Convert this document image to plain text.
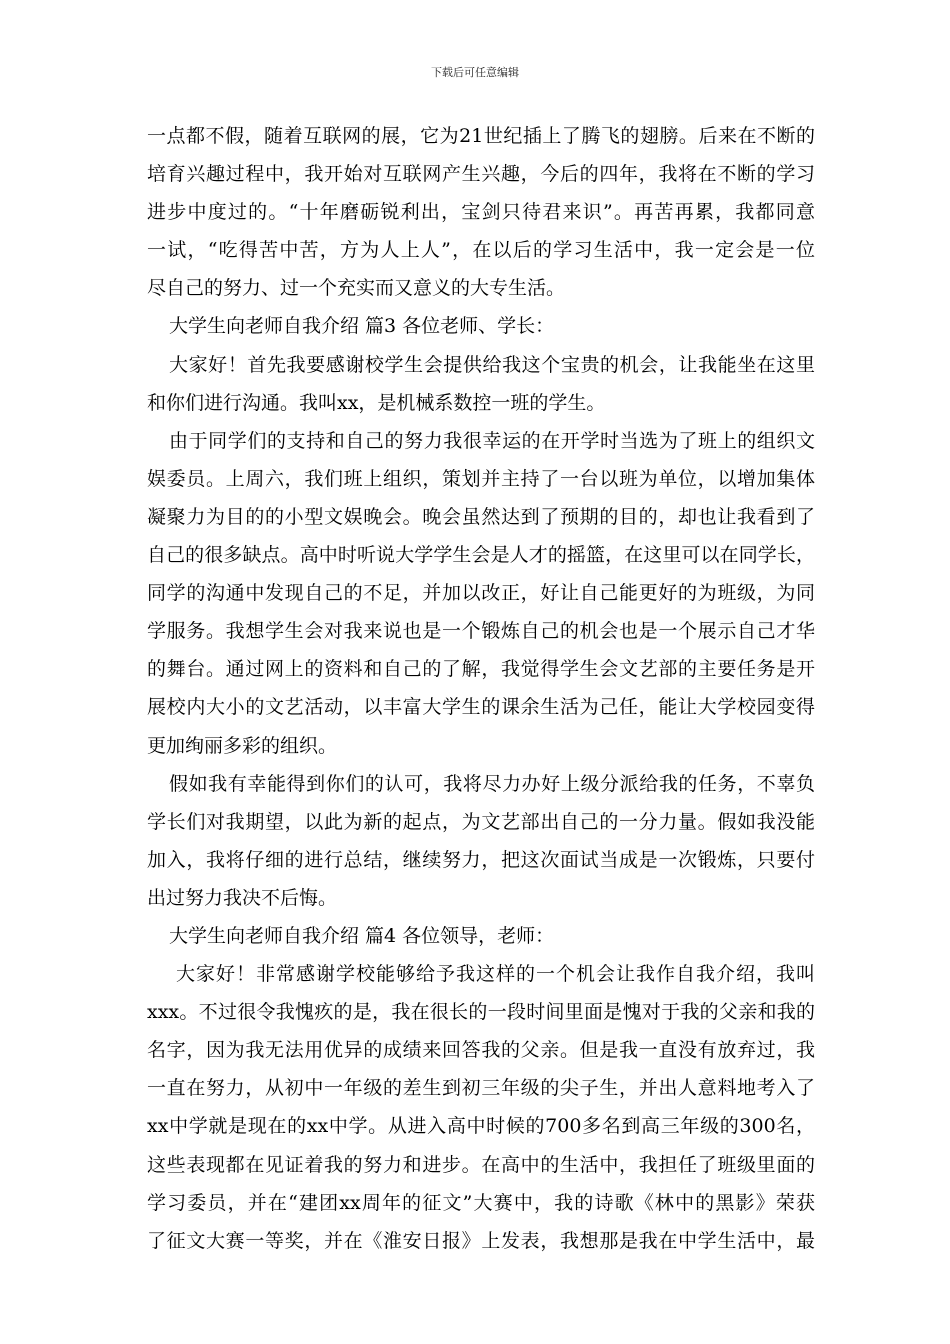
下载后可任意编辑
一点都不假，随着互联网的展，它为21世纪插上了腾飞的翅膀。后来在不断的
培育兴趣过程中，我开始对互联网产生兴趣，今后的四年，我将在不断的学习
进步中度过的。“十年磨砺锐利出，宝剑只待君来识”。再苦再累，我都同意
一试，“吃得苦中苦，方为人上人”，在以后的学习生活中，我一定会是一位
尽自己的努力、过一个充实而又意义的大专生活。
大学生向老师自我介绍 篇3 各位老师、学长：
大家好！首先我要感谢校学生会提供给我这个宝贵的机会，让我能坐在这里
和你们进行沟通。我叫xx，是机械系数控一班的学生。
由于同学们的支持和自己的努力我很幸运的在开学时当选为了班上的组织文
娱委员。上周六，我们班上组织，策划并主持了一台以班为单位，以增加集体
凝聚力为目的的小型文娱晚会。晚会虽然达到了预期的目的，却也让我看到了
自己的很多缺点。高中时听说大学学生会是人才的摇篮，在这里可以在同学长，
同学的沟通中发现自己的不足，并加以改正，好让自己能更好的为班级，为同
学服务。我想学生会对我来说也是一个锻炼自己的机会也是一个展示自己才华
的舞台。通过网上的资料和自己的了解，我觉得学生会文艺部的主要任务是开
展校内大小的文艺活动，以丰富大学生的课余生活为己任，能让大学校园变得
更加绚丽多彩的组织。
假如我有幸能得到你们的认可，我将尽力办好上级分派给我的任务，不辜负
学长们对我期望，以此为新的起点，为文艺部出自己的一分力量。假如我没能
加入，我将仔细的进行总结，继续努力，把这次面试当成是一次锻炼，只要付
出过努力我决不后悔。
大学生向老师自我介绍 篇4 各位领导，老师：
大家好！非常感谢学校能够给予我这样的一个机会让我作自我介绍，我叫
xxx。不过很令我愧疚的是，我在很长的一段时间里面是愧对于我的父亲和我的
名字，因为我无法用优异的成绩来回答我的父亲。但是我一直没有放弃过，我
一直在努力，从初中一年级的差生到初三年级的尖子生，并出人意料地考入了
xx中学就是现在的xx中学。从进入高中时候的700多名到高三年级的300名，
这些表现都在见证着我的努力和进步。在高中的生活中，我担任了班级里面的
学习委员，并在“建团xx周年的征文”大赛中，我的诗歌《林中的黑影》荣获
了征文大赛一等奖，并在《淮安日报》上发表，我想那是我在中学生活中，最
